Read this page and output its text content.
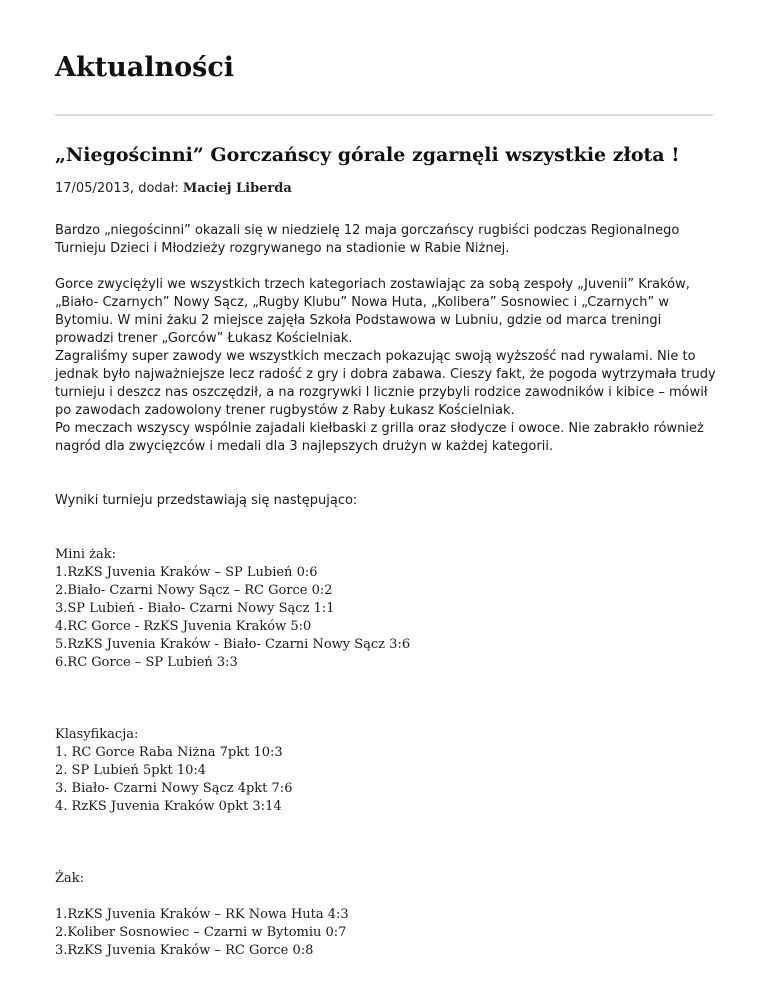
Aktualności
„Niegościnni” Gorczańscy górale zgarnęli wszystkie złota !
17/05/2013, dodał: Maciej Liberda
Bardzo „niegościnni” okazali się w niedzielę 12 maja gorczańscy rugbiści podczas Regionalnego
Turnieju Dzieci i Młodzieży rozgrywanego na stadionie w Rabie Niżnej.
Gorce zwyciężyli we wszystkich trzech kategoriach zostawiając za sobą zespoły „Juvenii” Kraków,
„Biało- Czarnych” Nowy Sącz, „Rugby Klubu” Nowa Huta, „Kolibera” Sosnowiec i „Czarnych” w
Bytomiu. W mini żaku 2 miejsce zajęła Szkoła Podstawowa w Lubniu, gdzie od marca treningi
prowadzi trener „Gorców” Łukasz Kościelniak.
Zagraliśmy super zawody we wszystkich meczach pokazując swoją wyższość nad rywalami. Nie to
jednak było najważniejsze lecz radość z gry i dobra zabawa. Cieszy fakt, że pogoda wytrzymała trudy
turnieju i deszcz nas oszczędził, a na rozgrywki l licznie przybyli rodzice zawodników i kibice – mówił
po zawodach zadowolony trener rugbystów z Raby Łukasz Kościelniak.
Po meczach wszyscy wspólnie zajadali kiełbaski z grilla oraz słodycze i owoce. Nie zabrakło również
nagród dla zwycięzców i medali dla 3 najlepszych drużyn w każdej kategorii.
Wyniki turnieju przedstawiają się następująco:
Mini żak:
1.RzKS Juvenia Kraków – SP Lubień 0:6
2.Biało- Czarni Nowy Sącz – RC Gorce 0:2
3.SP Lubień - Biało- Czarni Nowy Sącz 1:1
4.RC Gorce - RzKS Juvenia Kraków 5:0
5.RzKS Juvenia Kraków - Biało- Czarni Nowy Sącz 3:6
6.RC Gorce – SP Lubień 3:3
Klasyfikacja:
1. RC Gorce Raba Niżna 7pkt 10:3
2. SP Lubień 5pkt 10:4
3. Biało- Czarni Nowy Sącz 4pkt 7:6
4. RzKS Juvenia Kraków 0pkt 3:14
Żak:
1.RzKS Juvenia Kraków – RK Nowa Huta 4:3
2.Koliber Sosnowiec – Czarni w Bytomiu 0:7
3.RzKS Juvenia Kraków – RC Gorce 0:8
